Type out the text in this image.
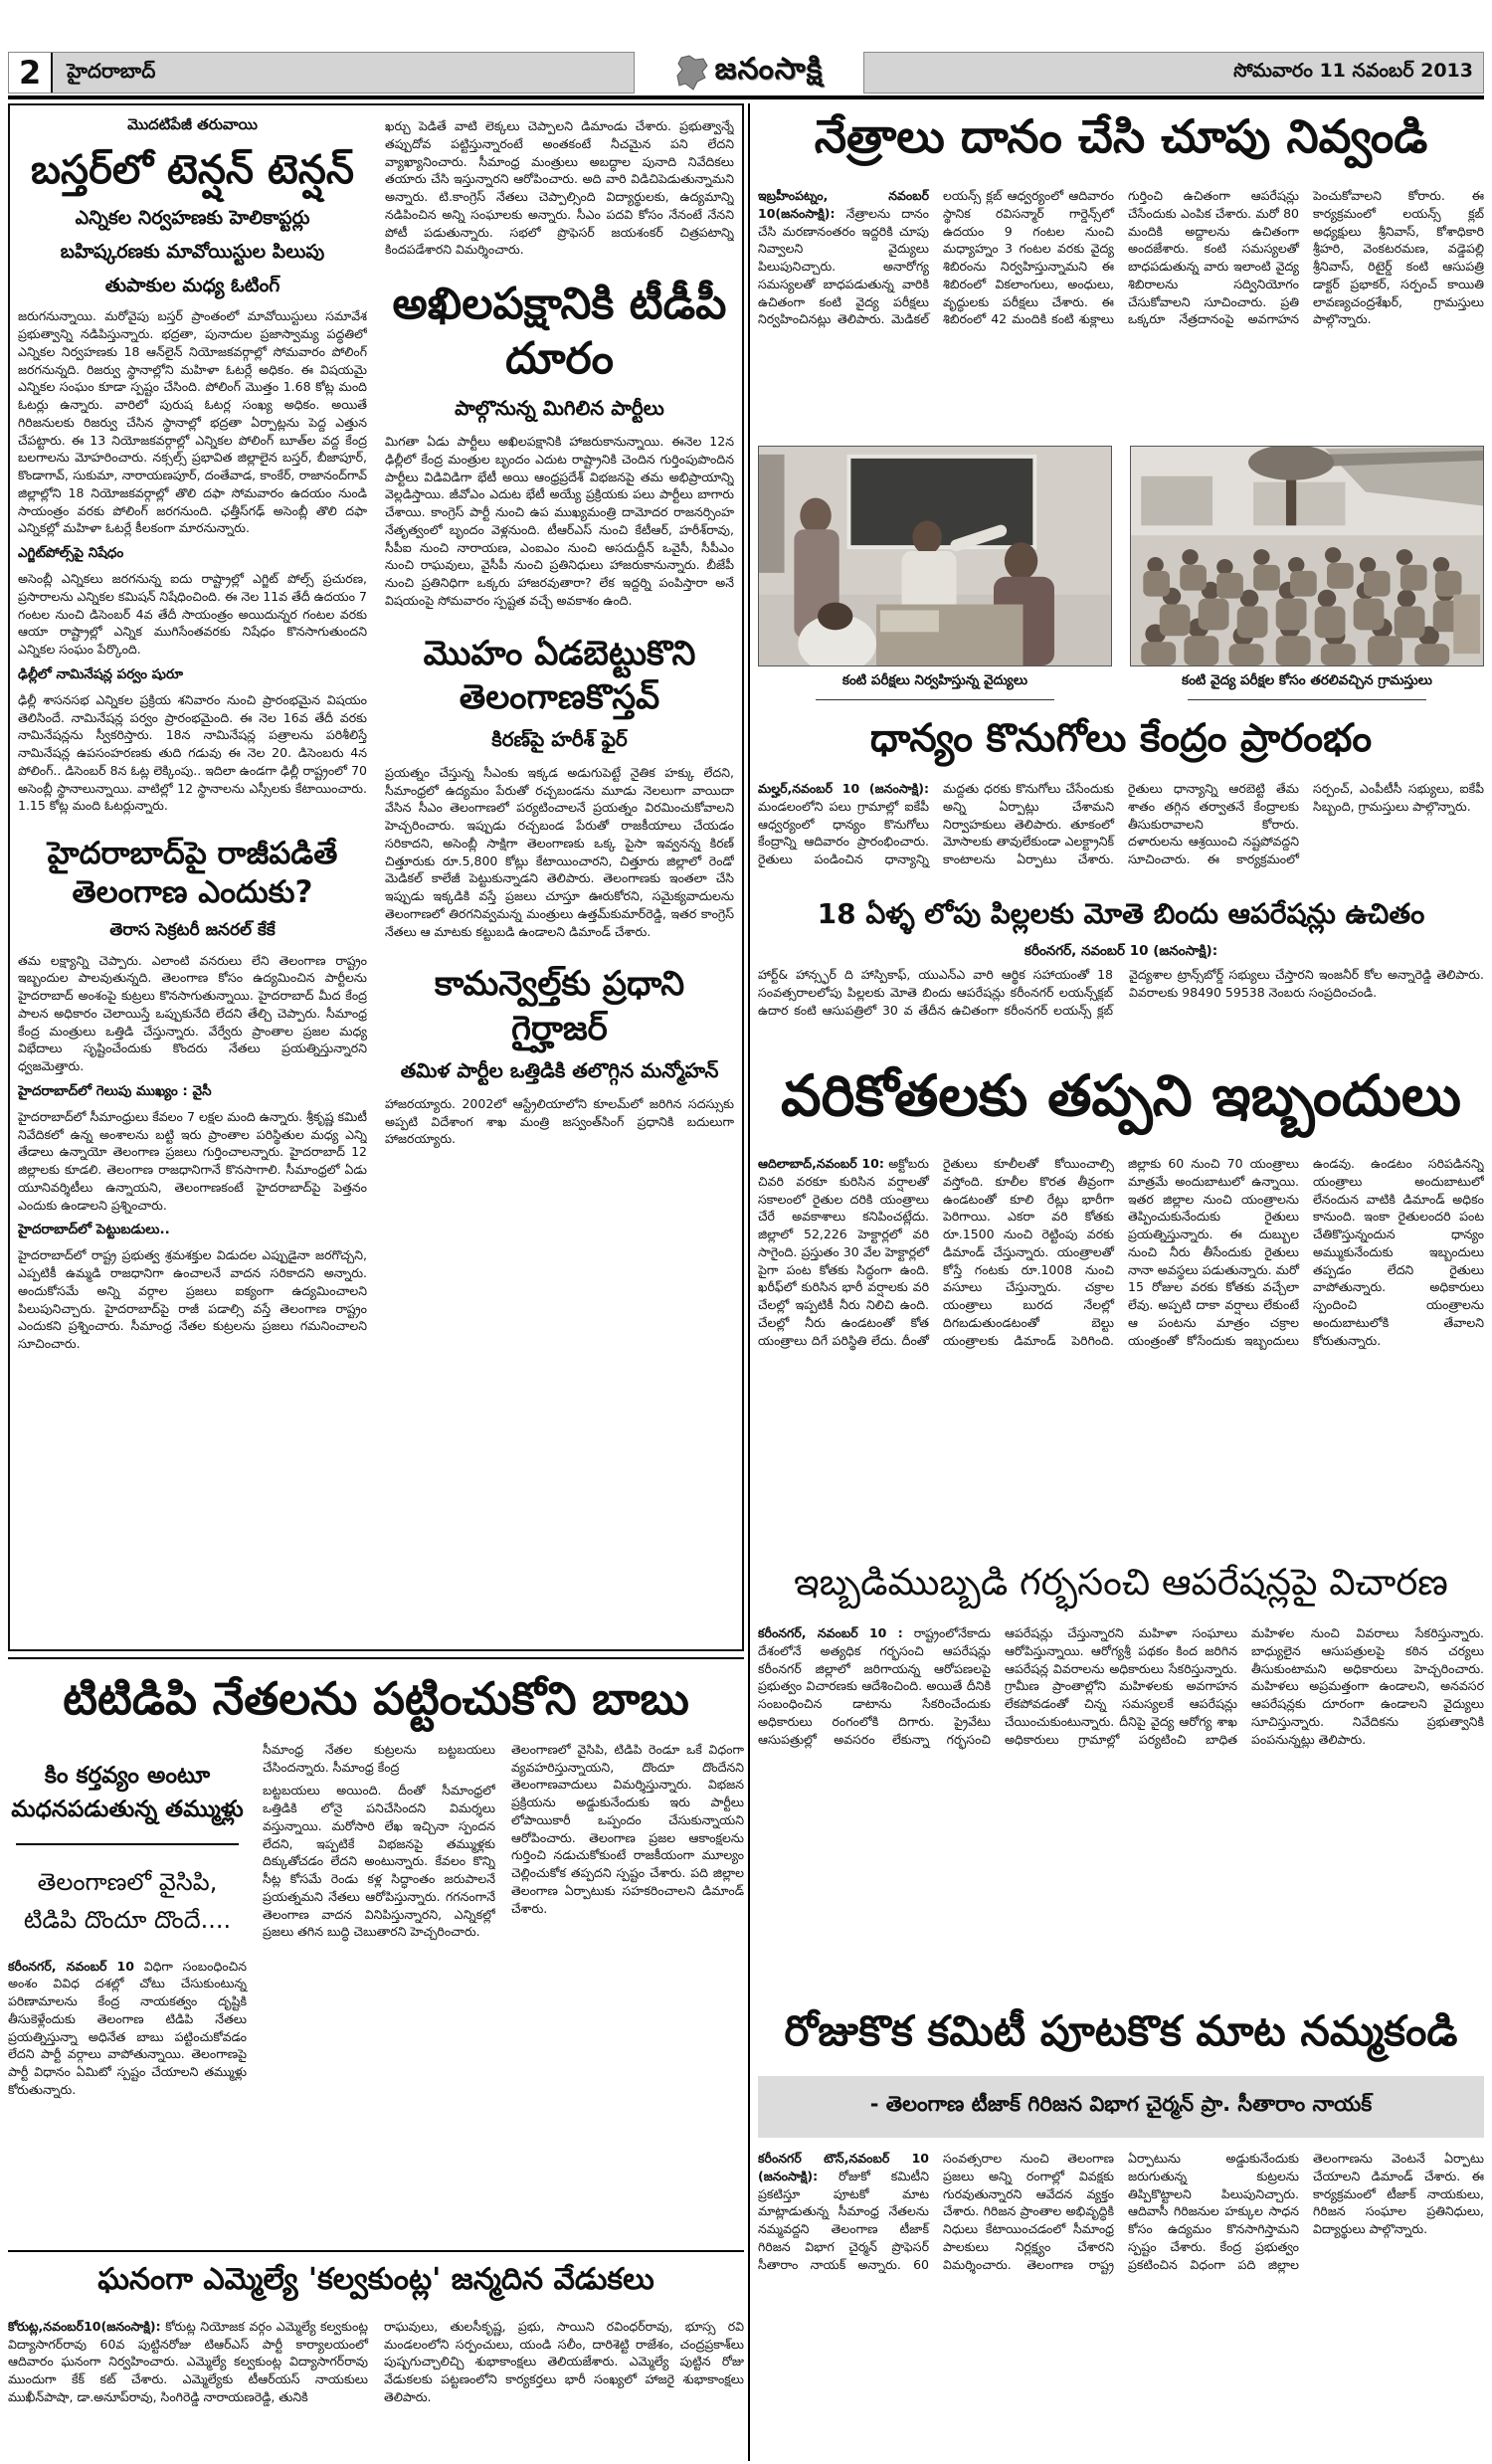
2	హైదరాబాద్	జనంసాక్షి	సోమవారం 11 నవంబర్ 2013
మొదటిపేజీ తరువాయి
బస్తర్‌లో టెన్షన్ టెన్షన్
ఎన్నికల నిర్వహణకు హెలికాప్టర్లు
బహిష్కరణకు మావోయిస్టుల పిలుపు
తుపాకుల మధ్య ఓటింగ్

జరుగనున్నాయి. మరోవైపు బస్తర్ ప్రాంతంలో మావోయిస్టులు సమావేశ ప్రభుత్వాన్ని నడిపిస్తున్నారు. భద్రతా, పునాదుల ప్రజాస్వామ్య పద్ధతిలో ఎన్నికల నిర్వహణకు 18 ఆన్‌లైన్ నియోజకవర్గాల్లో సోమవారం పోలింగ్ జరగనున్నది. రిజర్వు స్థానాల్లోని మహిళా ఓటర్లే అధికం. ఈ విషయమై ఎన్నికల సంఘం కూడా స్పష్టం చేసింది. పోలింగ్ మొత్తం 1.68 కోట్ల మంది ఓటర్లు ఉన్నారు. వారిలో పురుష ఓటర్ల సంఖ్య అధికం. అయితే గిరిజనులకు రిజర్వు చేసిన స్థానాల్లో భద్రతా ఏర్పాట్లను పెద్ద ఎత్తున చేపట్టారు. ఈ 13 నియోజకవర్గాల్లో ఎన్నికల పోలింగ్ బూత్‌ల వద్ద కేంద్ర బలగాలను మోహరించారు. నక్సల్స్ ప్రభావిత జిల్లాలైన బస్తర్, బీజాపూర్, కొండాగావ్, సుకుమా, నారాయణపూర్, దంతేవాడ, కాంకేర్, రాజానంద్‌గావ్ జిల్లాల్లోని 18 నియోజకవర్గాల్లో తొలి దఫా సోమవారం ఉదయం నుండి సాయంత్రం వరకు పోలింగ్ జరగనుంది. ఛత్తీస్‌గఢ్ అసెంబ్లీ తొలి దఫా ఎన్నికల్లో మహిళా ఓటర్లే కీలకంగా మారనున్నారు.

ఎగ్జిట్‌పోల్స్‌పై నిషేధం

అసెంబ్లీ ఎన్నికలు జరగనున్న ఐదు రాష్ట్రాల్లో ఎగ్జిట్ పోల్స్ ప్రచురణ, ప్రసారాలను ఎన్నికల కమిషన్ నిషేధించింది. ఈ నెల 11వ తేదీ ఉదయం 7 గంటల నుంచి డిసెంబర్ 4వ తేదీ సాయంత్రం అయిదున్నర గంటల వరకు ఆయా రాష్ట్రాల్లో ఎన్నిక ముగిసేంతవరకు నిషేధం కొనసాగుతుందని ఎన్నికల సంఘం పేర్కొంది.

ఢిల్లీలో నామినేషన్ల పర్వం షురూ

ఢిల్లీ శాసనసభ ఎన్నికల ప్రక్రియ శనివారం నుంచి ప్రారంభమైన విషయం తెలిసిందే. నామినేషన్ల పర్వం ప్రారంభమైంది. ఈ నెల 16వ తేదీ వరకు నామినేషన్లను స్వీకరిస్తారు. 18న నామినేషన్ల పత్రాలను పరిశీలిస్తే నామినేషన్ల ఉపసంహరణకు తుది గడువు ఈ నెల 20. డిసెంబరు 4న పోలింగ్.. డిసెంబర్ 8న ఓట్ల లెక్కింపు.. ఇదిలా ఉండగా ఢిల్లీ రాష్ట్రంలో 70 అసెంబ్లీ స్థానాలున్నాయి. వాటిల్లో 12 స్థానాలను ఎస్సీలకు కేటాయించారు. 1.15 కోట్ల మంది ఓటర్లున్నారు.

హైదరాబాద్‌పై రాజీపడితే తెలంగాణ ఎందుకు?
తెరాస సెక్రటరీ జనరల్ కేకే

తమ లక్ష్యాన్ని చెప్పారు. ఎలాంటి వనరులు లేని తెలంగాణ రాష్ట్రం ఇబ్బందుల పాలవుతున్నది. తెలంగాణ కోసం ఉద్యమించిన పార్టీలను హైదరాబాద్ అంశంపై కుట్రలు కొనసాగుతున్నాయి. హైదరాబాద్ మీద కేంద్ర పాలన అధికారం చెలాయిస్తే ఒప్పుకునేది లేదని తేల్చి చెప్పారు. సీమాంధ్ర కేంద్ర మంత్రులు ఒత్తిడి చేస్తున్నారు. వేర్వేరు ప్రాంతాల ప్రజల మధ్య విభేదాలు సృష్టించేందుకు కొందరు నేతలు ప్రయత్నిస్తున్నారని ధ్వజమెత్తారు.

హైదరాబాద్‌లో గెలుపు ముఖ్యం : వైసీ

హైదరాబాద్‌లో సీమాంధ్రులు కేవలం 7 లక్షల మంది ఉన్నారు. శ్రీకృష్ణ కమిటీ నివేదికలో ఉన్న అంశాలను బట్టి ఇరు ప్రాంతాల పరిస్థితుల మధ్య ఎన్ని తేడాలు ఉన్నాయో తెలంగాణ ప్రజలు గుర్తించాలన్నారు. హైదరాబాద్ 12 జిల్లాలకు కూడలి. తెలంగాణ రాజధానిగానే కొనసాగాలి. సీమాంధ్రలో ఏడు యూనివర్శిటీలు ఉన్నాయని, తెలంగాణకంటే హైదరాబాద్‌పై పెత్తనం ఎందుకు ఉండాలని ప్రశ్నించారు.

హైదరాబాద్‌లో పెట్టుబడులు..

హైదరాబాద్‌లో రాష్ట్ర ప్రభుత్వ శ్రమశక్తుల విడుదల ఎప్పుడైనా జరగొచ్చని, ఎప్పటికీ ఉమ్మడి రాజధానిగా ఉంచాలనే వాదన సరికాదని అన్నారు. అందుకోసమే అన్ని వర్గాల ప్రజలు ఐక్యంగా ఉద్యమించాలని పిలుపునిచ్చారు. హైదరాబాద్‌పై రాజీ పడాల్సి వస్తే తెలంగాణ రాష్ట్రం ఎందుకని ప్రశ్నించారు. సీమాంధ్ర నేతల కుట్రలను ప్రజలు గమనించాలని సూచించారు.

ఖర్చు పెడితే వాటి లెక్కలు చెప్పాలని డిమాండు చేశారు. ప్రభుత్వాన్నే తప్పుదోవ పట్టిస్తున్నారంటే అంతకంటే నీచమైన పని లేదని వ్యాఖ్యానించారు. సీమాంధ్ర మంత్రులు అబద్ధాల పునాది నివేదికలు తయారు చేసి ఇస్తున్నారని ఆరోపించారు. అది వారి విడిచిపెడుతున్నామని అన్నారు. టి.కాంగ్రెస్ నేతలు చెప్పాల్సింది విద్యార్థులకు, ఉద్యమాన్ని నడిపించిన అన్ని సంఘాలకు అన్నారు. సీఎం పదవి కోసం నేనంటే నేనని పోటీ పడుతున్నారు. సభలో ప్రొఫెసర్ జయశంకర్ చిత్రపటాన్ని కిందపడేశారని విమర్శించారు.

అఖిలపక్షానికి టీడీపీ దూరం
పాల్గొనున్న మిగిలిన పార్టీలు

మిగతా ఏడు పార్టీలు అఖిలపక్షానికి హాజరుకానున్నాయి. ఈనెల 12న ఢిల్లీలో కేంద్ర మంత్రుల బృందం ఎదుట రాష్ట్రానికి చెందిన గుర్తింపుపొందిన పార్టీలు విడివిడిగా భేటీ అయి ఆంధ్రప్రదేశ్ విభజనపై తమ అభిప్రాయాన్ని వెల్లడిస్తాయి. జీవోఎం ఎదుట భేటీ అయ్యే ప్రక్రియకు పలు పార్టీలు బాగారు చేశాయి. కాంగ్రెస్ పార్టీ నుంచి ఉప ముఖ్యమంత్రి దామోదర రాజనర్సింహ నేతృత్వంలో బృందం వెళ్లనుంది. టీఆర్‌ఎస్ నుంచి కేటీఆర్, హరీశ్‌రావు, సీపీఐ నుంచి నారాయణ, ఎంఐఎం నుంచి అసదుద్దీన్ ఒవైసీ, సీపీఎం నుంచి రాఘవులు, వైసీపీ నుంచి ప్రతినిధులు హాజరుకానున్నారు. బీజేపీ నుంచి ప్రతినిధిగా ఒక్కరు హాజరవుతారా? లేక ఇద్దర్ని పంపిస్తారా అనే విషయంపై సోమవారం స్పష్టత వచ్చే అవకాశం ఉంది.

మొహం ఏడబెట్టుకొని తెలంగాణకొస్తవ్
కిరణ్‌పై హరీశ్ ఫైర్

ప్రయత్నం చేస్తున్న సీఎంకు ఇక్కడ అడుగుపెట్టే నైతిక హక్కు లేదని, సీమాంధ్రలో ఉద్యమం పేరుతో రచ్చబండను మూడు నెలలుగా వాయిదా వేసిన సీఎం తెలంగాణలో పర్యటించాలనే ప్రయత్నం విరమించుకోవాలని హెచ్చరించారు. ఇప్పుడు రచ్చబండ పేరుతో రాజకీయాలు చేయడం సరికాదని, అసెంబ్లీ సాక్షిగా తెలంగాణకు ఒక్క పైసా ఇవ్వనన్న కిరణ్ చిత్తూరుకు రూ.5,800 కోట్లు కేటాయించారని, చిత్తూరు జిల్లాలో రెండో మెడికల్ కాలేజీ పెట్టుకున్నాడని తెలిపారు. తెలంగాణకు ఇంతలా చేసి ఇప్పుడు ఇక్కడికి వస్తే ప్రజలు చూస్తూ ఊరుకోరని, సమైక్యవాదులను తెలంగాణలో తిరగనివ్వమన్న మంత్రులు ఉత్తమ్‌కుమార్‌రెడ్డి, ఇతర కాంగ్రెస్ నేతలు ఆ మాటకు కట్టుబడి ఉండాలని డిమాండ్ చేశారు.

కామన్వెల్త్‌కు ప్రధాని గైర్హాజర్
తమిళ పార్టీల ఒత్తిడికి తలొగ్గిన మన్మోహన్

హాజరయ్యారు. 2002లో ఆస్ట్రేలియాలోని కూలమ్‌లో జరిగిన సదస్సుకు అప్పటి విదేశాంగ శాఖ మంత్రి జస్వంత్‌సింగ్ ప్రధానికి బదులుగా హాజరయ్యారు.

టిటిడిపి నేతలను పట్టించుకోని బాబు
కిం కర్తవ్యం అంటూ మధనపడుతున్న తమ్ముళ్లు
తెలంగాణలో వైసిపి, టిడిపి దొందూ దొందే....

కరీంనగర్, నవంబర్ 10 విధిగా సంబంధించిన అంశం వివిధ దశల్లో చోటు చేసుకుంటున్న పరిణామాలను కేంద్ర నాయకత్వం దృష్టికి తీసుకెళ్లేందుకు తెలంగాణ టిడిపి నేతలు ప్రయత్నిస్తున్నా అధినేత బాబు పట్టించుకోవడం లేదని పార్టీ వర్గాలు వాపోతున్నాయి. తెలంగాణపై పార్టీ విధానం ఏమిటో స్పష్టం చేయాలని తమ్ముళ్లు కోరుతున్నారు.

సీమాంధ్ర నేతల కుట్రలను బట్టబయలు చేసిందన్నారు. సీమాంధ్ర కేంద్ర

బట్టబయలు అయింది. దీంతో సీమాంధ్రలో ఒత్తిడికి లోనై పనిచేసిందని విమర్శలు వస్తున్నాయి. మరోసారి లేఖ ఇచ్చినా స్పందన లేదని, ఇప్పటికే విభజనపై తమ్ముళ్లకు దిక్కుతోచడం లేదని అంటున్నారు. కేవలం కొన్ని సీట్ల కోసమే రెండు కళ్ల సిద్ధాంతం జరుపాలనే ప్రయత్నమని నేతలు ఆరోపిస్తున్నారు. గగనంగానే తెలంగాణ వాదన వినిపిస్తున్నారని, ఎన్నికల్లో ప్రజలు తగిన బుద్ధి చెబుతారని హెచ్చరించారు.

తెలంగాణలో వైసిపి, టిడిపి రెండూ ఒకే విధంగా వ్యవహరిస్తున్నాయని, దొందూ దొందేనని తెలంగాణవాదులు విమర్శిస్తున్నారు. విభజన ప్రక్రియను అడ్డుకునేందుకు ఇరు పార్టీలు లోపాయికారీ ఒప్పందం చేసుకున్నాయని ఆరోపించారు. తెలంగాణ ప్రజల ఆకాంక్షలను గుర్తించి నడుచుకోకుంటే రాజకీయంగా మూల్యం చెల్లించుకోక తప్పదని స్పష్టం చేశారు. పది జిల్లాల తెలంగాణ ఏర్పాటుకు సహకరించాలని డిమాండ్ చేశారు.

ఘనంగా ఎమ్మెల్యే 'కల్వకుంట్ల' జన్మదిన వేడుకలు

కోరుట్ల,నవంబర్10(జనంసాక్షి): కోరుట్ల నియోజక వర్గం ఎమ్మెల్యే కల్వకుంట్ల విద్యాసాగర్‌రావు 60వ పుట్టినరోజు టిఆర్‌ఎస్ పార్టీ కార్యాలయంలో ఆదివారం ఘనంగా నిర్వహించారు. ఎమ్మెల్యే కల్వకుంట్ల విద్యాసాగర్‌రావు ముందుగా కేక్ కట్ చేశారు. ఎమ్మెల్యేకు టీఆర్‌యస్ నాయకులు ముఖీన్‌పాషా, డా.అనూప్‌రావు, సింగిరెడ్డి నారాయణరెడ్డి, తునికి

రాఘవులు, తులసీకృష్ణ, ప్రభు, సాయిని రవింధర్‌రావు, భూస్స రవి మండలంలోని సర్పంచులు, యండి సలీం, దారిశెట్టి రాజేశం, చంద్రప్రకాశ్‌లు పుష్పగుచ్చాలిచ్చి శుభాకాంక్షలు తెలియజేశారు. ఎమ్మెల్యే పుట్టిన రోజు వేడుకలకు పట్టణంలోని కార్యకర్తలు భారీ సంఖ్యలో హాజరై శుభాకాంక్షలు తెలిపారు.

నేత్రాలు దానం చేసి చూపు నివ్వండి
ఇబ్రహీంపట్నం, నవంబర్ 10(జనంసాక్షి): నేత్రాలను దానం చేసి మరణానంతరం ఇద్దరికి చూపు నివ్వాలని వైద్యులు పిలుపునిచ్చారు. అనారోగ్య సమస్యలతో బాధపడుతున్న వారికి ఉచితంగా కంటి వైద్య పరీక్షలు నిర్వహించినట్లు తెలిపారు. మెడికల్ లయన్స్ క్లబ్ ఆధ్వర్యంలో ఆదివారం స్థానిక రవిసన్మార్ గార్డెన్స్‌లో ఉదయం 9 గంటల నుంచి మధ్యాహ్నం 3 గంటల వరకు వైద్య శిబిరంను నిర్వహిస్తున్నామని ఈ శిబిరంలో వికలాంగులు, అంధులు, వృద్ధులకు పరీక్షలు చేశారు. ఈ శిబిరంలో 42 మందికి కంటి శుక్లాలు గుర్తించి ఉచితంగా ఆపరేషన్లు చేసేందుకు ఎంపిక చేశారు. మరో 80 మందికి అద్దాలను ఉచితంగా అందజేశారు. కంటి సమస్యలతో బాధపడుతున్న వారు ఇలాంటి వైద్య శిబిరాలను సద్వినియోగం చేసుకోవాలని సూచించారు. ప్రతి ఒక్కరూ నేత్రదానంపై అవగాహన పెంచుకోవాలని కోరారు. ఈ కార్యక్రమంలో లయన్స్ క్లబ్ అధ్యక్షులు శ్రీనివాస్, కోశాధికారి శ్రీహరి, వెంకటరమణ, వడ్డెపల్లి శ్రీనివాస్, రిటైర్డ్ కంటి ఆసుపత్రి డాక్టర్ ప్రభాకర్, సర్పంచ్ కాయితి లావణ్యచంద్రశేఖర్, గ్రామస్తులు పాల్గొన్నారు.
కంటి పరీక్షలు నిర్వహిస్తున్న వైద్యులు	కంటి వైద్య పరీక్షల కోసం తరలివచ్చిన గ్రామస్తులు
ధాన్యం కొనుగోలు కేంద్రం ప్రారంభం
మల్హర్,నవంబర్ 10 (జనంసాక్షి): మండలంలోని పలు గ్రామాల్లో ఐకేపీ ఆధ్వర్యంలో ధాన్యం కొనుగోలు కేంద్రాన్ని ఆదివారం ప్రారంభించారు. రైతులు పండించిన ధాన్యాన్ని మద్దతు ధరకు కొనుగోలు చేసేందుకు అన్ని ఏర్పాట్లు చేశామని నిర్వాహకులు తెలిపారు. తూకంలో మోసాలకు తావులేకుండా ఎలక్ట్రానిక్ కాంటాలను ఏర్పాటు చేశారు. రైతులు ధాన్యాన్ని ఆరబెట్టి తేమ శాతం తగ్గిన తర్వాతనే కేంద్రాలకు తీసుకురావాలని కోరారు. దళారులను ఆశ్రయించి నష్టపోవద్దని సూచించారు. ఈ కార్యక్రమంలో సర్పంచ్, ఎంపీటీసీ సభ్యులు, ఐకేపీ సిబ్బంది, గ్రామస్తులు పాల్గొన్నారు.
18 ఏళ్ళ లోపు పిల్లలకు మోతె బిందు ఆపరేషన్లు ఉచితం
కరీంనగర్, నవంబర్ 10 (జనంసాక్షి):
హార్ట్& హాన్స్ఫర్ ది హాస్పికాఫ్, యుఎన్ఎ వారి ఆర్థిక సహాయంతో 18 సంవత్సరాలలోపు పిల్లలకు మోతె బిందు ఆపరేషన్లు కరీంనగర్ లయన్స్‌క్లబ్ ఉదార కంటి ఆసుపత్రిలో 30 వ తేదీన ఉచితంగా కరీంనగర్ లయన్స్ క్లబ్ వైద్యశాల ట్రాన్స్‌బోర్డ్ సభ్యులు చేస్తారని ఇంజనీర్ కోల అన్నారెడ్డి తెలిపారు. వివరాలకు 98490 59538 నెంబరు సంప్రదించండి.
వరికోతలకు తప్పని ఇబ్బందులు
ఆదిలాబాద్,నవంబర్ 10: అక్టోబరు చివరి వరకూ కురిసిన వర్షాలతో సకాలంలో రైతుల దరికి యంత్రాలు చేరే అవకాశాలు కనిపించట్లేదు. జిల్లాలో 52,226 హెక్టార్లలో వరి సాగైంది. ప్రస్తుతం 30 వేల హెక్టార్లలో పైగా పంట కోతకు సిద్ధంగా ఉంది. ఖరీఫ్‌లో కురిసిన భారీ వర్షాలకు వరి చేలల్లో ఇప్పటికీ నీరు నిలిచి ఉంది. చేలల్లో నీరు ఉండటంతో కోత యంత్రాలు దిగే పరిస్థితి లేదు. దీంతో రైతులు కూలీలతో కోయించాల్సి వస్తోంది. కూలీల కొరత తీవ్రంగా ఉండటంతో కూలి రేట్లు భారీగా పెరిగాయి. ఎకరా వరి కోతకు రూ.1500 నుంచి రెట్టింపు వరకు డిమాండ్ చేస్తున్నారు. యంత్రాలతో కోస్తే గంటకు రూ.1008 నుంచి వసూలు చేస్తున్నారు. చక్రాల యంత్రాలు బురద నేలల్లో దిగబడుతుండటంతో బెల్టు యంత్రాలకు డిమాండ్ పెరిగింది. జిల్లాకు 60 నుంచి 70 యంత్రాలు మాత్రమే అందుబాటులో ఉన్నాయి. ఇతర జిల్లాల నుంచి యంత్రాలను తెప్పించుకునేందుకు రైతులు ప్రయత్నిస్తున్నారు. ఈ దుబ్బుల నుంచి నీరు తీసేందుకు రైతులు నానా అవస్థలు పడుతున్నారు. మరో 15 రోజుల వరకు కోతకు వచ్చేలా లేవు. అప్పటి దాకా వర్షాలు లేకుంటే ఆ పంటను మాత్రం చక్రాల యంత్రంతో కోసేందుకు ఇబ్బందులు ఉండవు. ఉండటం సరిపడినన్ని యంత్రాలు అందుబాటులో లేనందున వాటికి డిమాండ్ అధికం కానుంది. ఇంకా రైతులందరి పంట చేతికొస్తున్నందున ధాన్యం అమ్ముకునేందుకు ఇబ్బందులు తప్పడం లేదని రైతులు వాపోతున్నారు. అధికారులు స్పందించి యంత్రాలను అందుబాటులోకి తేవాలని కోరుతున్నారు.
ఇబ్బడిముబ్బడి గర్భసంచి ఆపరేషన్లపై విచారణ
కరీంనగర్, నవంబర్ 10 : రాష్ట్రంలోనేకాదు దేశంలోనే అత్యధిక గర్భసంచి ఆపరేషన్లు కరీంనగర్ జిల్లాలో జరిగాయన్న ఆరోపణలపై ప్రభుత్వం విచారణకు ఆదేశించింది. అయితే దీనికి సంబంధించిన డాటాను సేకరించేందుకు అధికారులు రంగంలోకి దిగారు. ప్రైవేటు ఆసుపత్రుల్లో అవసరం లేకున్నా గర్భసంచి ఆపరేషన్లు చేస్తున్నారని మహిళా సంఘాలు ఆరోపిస్తున్నాయి. ఆరోగ్యశ్రీ పథకం కింద జరిగిన ఆపరేషన్ల వివరాలను అధికారులు సేకరిస్తున్నారు. గ్రామీణ ప్రాంతాల్లోని మహిళలకు అవగాహన లేకపోవడంతో చిన్న సమస్యలకే ఆపరేషన్లు చేయించుకుంటున్నారు. దీనిపై వైద్య ఆరోగ్య శాఖ అధికారులు గ్రామాల్లో పర్యటించి బాధిత మహిళల నుంచి వివరాలు సేకరిస్తున్నారు. బాధ్యులైన ఆసుపత్రులపై కఠిన చర్యలు తీసుకుంటామని అధికారులు హెచ్చరించారు. మహిళలు అప్రమత్తంగా ఉండాలని, అనవసర ఆపరేషన్లకు దూరంగా ఉండాలని వైద్యులు సూచిస్తున్నారు. నివేదికను ప్రభుత్వానికి పంపనున్నట్లు తెలిపారు.
రోజుకొక కమిటీ పూటకొక మాట నమ్మకండి
- తెలంగాణ టీజాక్ గిరిజన విభాగ చైర్మన్ ప్రా. సీతారాం నాయక్
కరీంనగర్ టౌన్,నవంబర్ 10 (జనంసాక్షి): రోజుకో కమిటీని ప్రకటిస్తూ పూటకో మాట మాట్లాడుతున్న సీమాంధ్ర నేతలను నమ్మవద్దని తెలంగాణ టీజాక్ గిరిజన విభాగ చైర్మన్ ప్రొఫెసర్ సీతారాం నాయక్ అన్నారు. 60 సంవత్సరాల నుంచి తెలంగాణ ప్రజలు అన్ని రంగాల్లో వివక్షకు గురవుతున్నారని ఆవేదన వ్యక్తం చేశారు. గిరిజన ప్రాంతాల అభివృద్ధికి నిధులు కేటాయించడంలో సీమాంధ్ర పాలకులు నిర్లక్ష్యం చేశారని విమర్శించారు. తెలంగాణ రాష్ట్ర ఏర్పాటును అడ్డుకునేందుకు జరుగుతున్న కుట్రలను తిప్పికొట్టాలని పిలుపునిచ్చారు. ఆదివాసీ గిరిజనుల హక్కుల సాధన కోసం ఉద్యమం కొనసాగిస్తామని స్పష్టం చేశారు. కేంద్ర ప్రభుత్వం ప్రకటించిన విధంగా పది జిల్లాల తెలంగాణను వెంటనే ఏర్పాటు చేయాలని డిమాండ్ చేశారు. ఈ కార్యక్రమంలో టీజాక్ నాయకులు, గిరిజన సంఘాల ప్రతినిధులు, విద్యార్థులు పాల్గొన్నారు.
